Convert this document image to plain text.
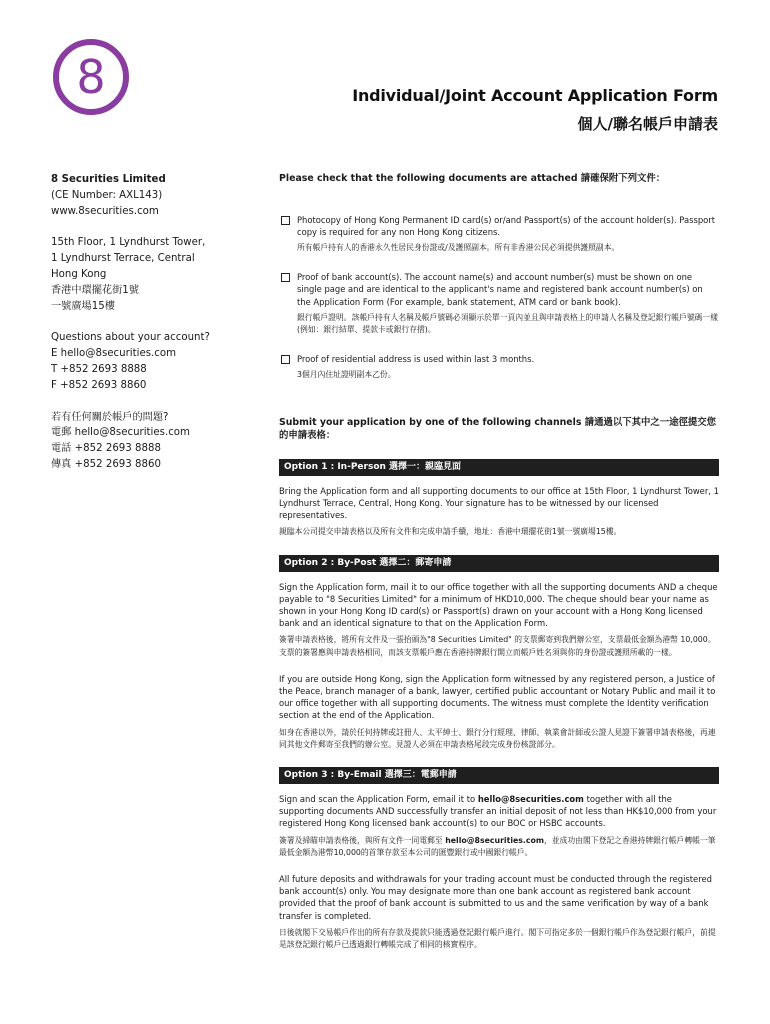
8	Individual/Joint Account Application Form
個人/聯名帳戶申請表

8 Securities Limited

(CE Number: AXL143)

www.8securities.com

15th Floor, 1 Lyndhurst Tower,

1 Lyndhurst Terrace, Central

Hong Kong

香港中環擺花街1號

一號廣場15樓

Questions about your account?

E hello@8securities.com

T +852 2693 8888

F +852 2693 8860

若有任何關於帳戶的問題?

電郵 hello@8securities.com

電話 +852 2693 8888

傳真 +852 2693 8860

Please check that the following documents are attached 請確保附下列文件：

Photocopy of Hong Kong Permanent ID card(s) or/and Passport(s) of the account holder(s). Passport copy is required for any non Hong Kong citizens.

所有帳戶持有人的香港永久性居民身份證或/及護照副本。所有非香港公民必須提供護照副本。

Proof of bank account(s). The account name(s) and account number(s) must be shown on one single page and are identical to the applicant's name and registered bank account number(s) on the Application Form (For example, bank statement, ATM card or bank book).

銀行帳戶證明。該帳戶持有人名稱及帳戶號碼必須顯示於單一頁內並且與申請表格上的申請人名稱及登記銀行帳戶號碼一樣 (例如：銀行結單、提款卡或銀行存摺)。

Proof of residential address is used within last 3 months.

3個月內住址證明副本乙份。

Submit your application by one of the following channels 請通過以下其中之一途徑提交您的申請表格：

Option 1 : In-Person 選擇一：親臨見面

Bring the Application form and all supporting documents to our office at 15th Floor, 1 Lyndhurst Tower, 1 Lyndhurst Terrace, Central, Hong Kong. Your signature has to be witnessed by our licensed representatives.

親臨本公司提交申請表格以及所有文件和完成申請手續，地址：香港中環擺花街1號一號廣場15樓。

Option 2 : By-Post 選擇二：郵寄申請

Sign the Application form, mail it to our office together with all the supporting documents AND a cheque payable to "8 Securities Limited" for a minimum of HKD10,000. The cheque should bear your name as shown in your Hong Kong ID card(s) or Passport(s) drawn on your account with a Hong Kong licensed bank and an identical signature to that on the Application Form.

簽署申請表格後，將所有文件及一張抬頭為"8 Securities Limited" 的支票郵寄到我們辦公室，支票最低金額為港幣 10,000。支票的簽署應與申請表格相同，而該支票帳戶應在香港持牌銀行開立而帳戶姓名須與你的身份證或護照所載的一樣。

If you are outside Hong Kong, sign the Application form witnessed by any registered person, a Justice of the Peace, branch manager of a bank, lawyer, certified public accountant or Notary Public and mail it to our office together with all supporting documents. The witness must complete the Identity verification section at the end of the Application.

如身在香港以外，請於任何持牌或註冊人、太平紳士、銀行分行經理、律師、執業會計師或公證人見證下簽署申請表格後，再連同其他文件郵寄至我們的辦公室。見證人必須在申請表格尾段完成身份核證部分。

Option 3 : By-Email 選擇三：電郵申請

Sign and scan the Application Form, email it to hello@8securities.com together with all the supporting documents AND successfully transfer an initial deposit of not less than HK$10,000 from your registered Hong Kong licensed bank account(s) to our BOC or HSBC accounts.

簽署及掃瞄申請表格後，與所有文件一同電郵至 hello@8securities.com，並成功由閣下登記之香港持牌銀行帳戶轉帳一筆最低金額為港幣10,000的首筆存款至本公司的匯豐銀行或中國銀行帳戶。

All future deposits and withdrawals for your trading account must be conducted through the registered bank account(s) only. You may designate more than one bank account as registered bank account provided that the proof of bank account is submitted to us and the same verification by way of a bank transfer is completed.

日後就閣下交易帳戶作出的所有存款及提款只能透過登記銀行帳戶進行。閣下可指定多於一個銀行帳戶作為登記銀行帳戶，前提是該登記銀行帳戶已透過銀行轉帳完成了相同的核實程序。
